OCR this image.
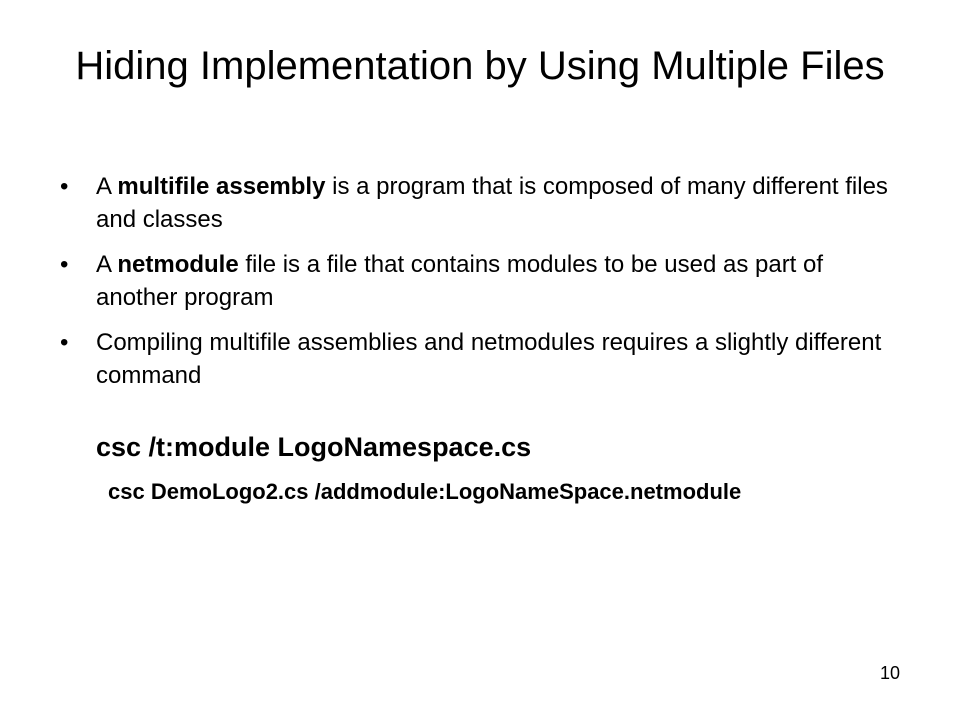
Hiding Implementation by Using Multiple Files
• A multifile assembly is a program that is composed of many different files and classes
• A netmodule file is a file that contains modules to be used as part of another program
• Compiling multifile assemblies and netmodules requires a slightly different command
csc /t:module LogoNamespace.cs
csc DemoLogo2.cs /addmodule:LogoNameSpace.netmodule
10
